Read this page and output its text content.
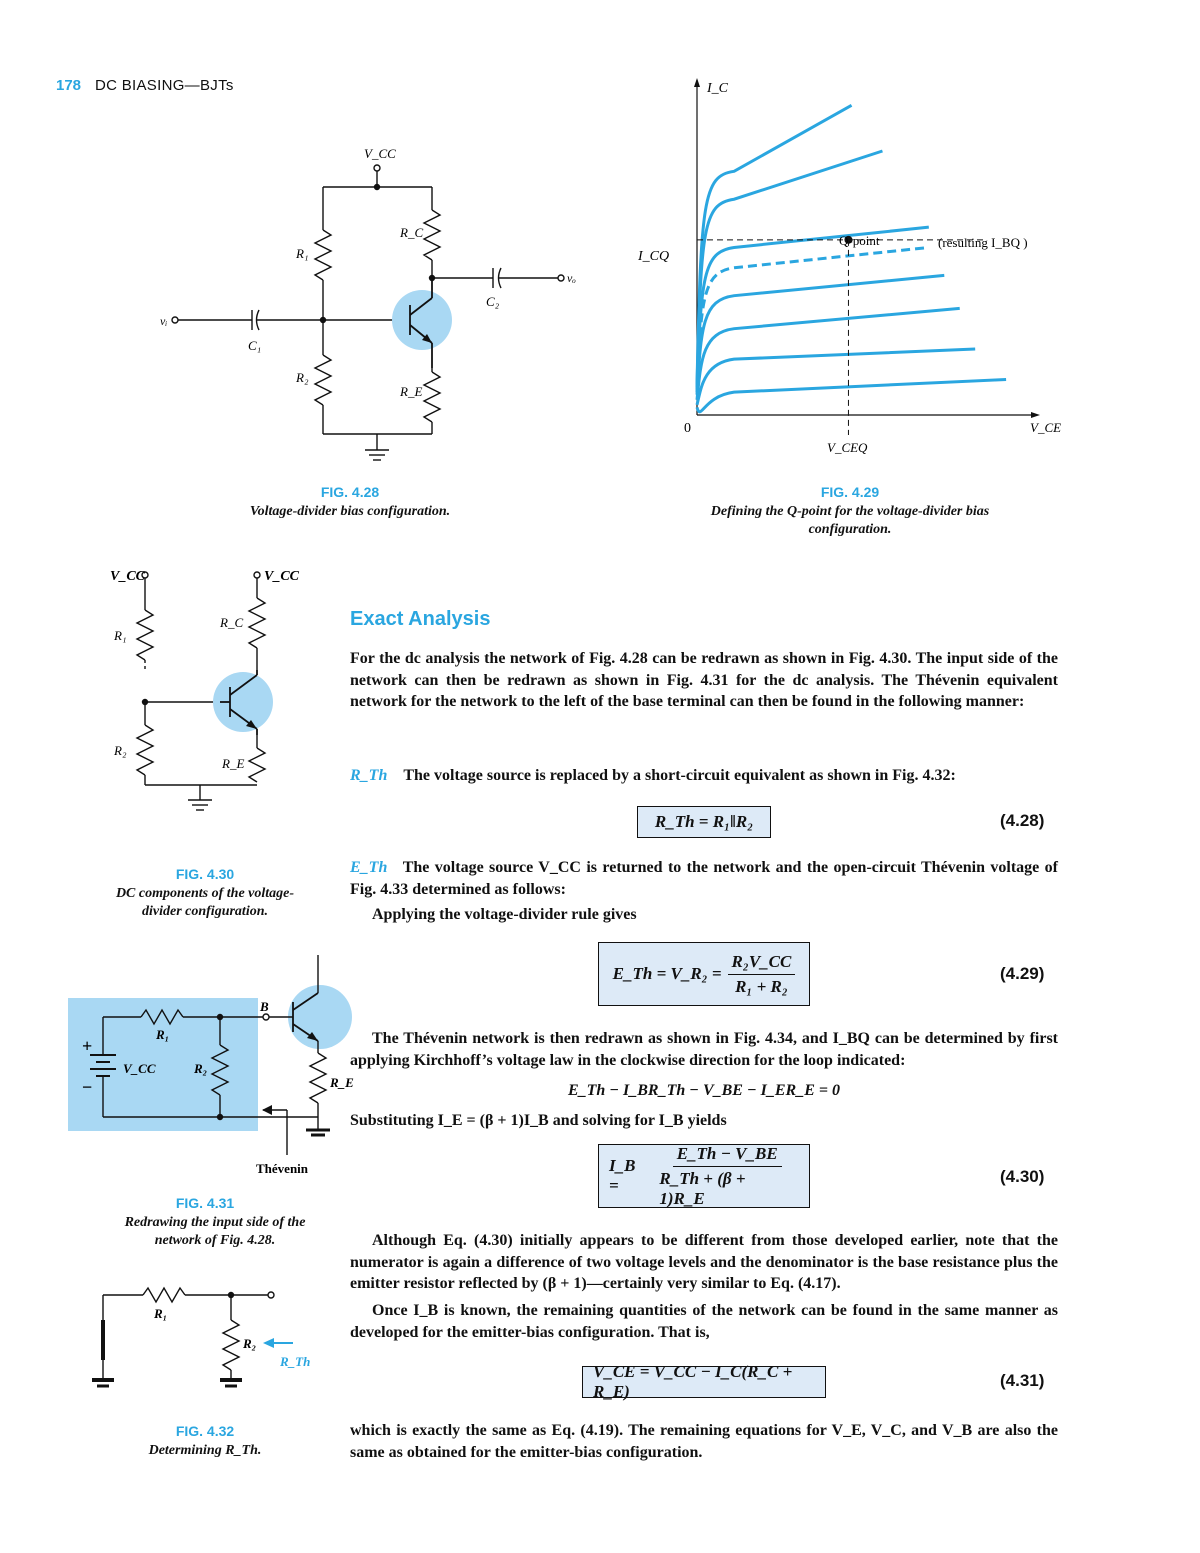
178 DC BIASING—BJTs
V_CC
R₁
R₂
R_C
R_E
C₁
C₂
vᵢ
vₒ
FIG. 4.28
Voltage-divider bias configuration.
I_C
I_CQ
V_CE
V_CEQ
0
Q-point	(resulting I_BQ )
FIG. 4.29
Defining the Q-point for the voltage-divider bias
configuration.
V_CC	V_CC
R₁
R₂
R_C
R_E
FIG. 4.30
DC components of the voltage-
divider configuration.
B
R₁
R₂
V_CC
R_E
+
−
Thévenin
FIG. 4.31
Redrawing the input side of the
network of Fig. 4.28.
R₁
R₂
R_Th
FIG. 4.32
Determining R_Th.
Exact Analysis
For the dc analysis the network of Fig. 4.28 can be redrawn as shown in Fig. 4.30. The input side of the network can then be redrawn as shown in Fig. 4.31 for the dc analysis. The Thévenin equivalent network for the network to the left of the base terminal can then be found in the following manner:
R_Th The voltage source is replaced by a short-circuit equivalent as shown in Fig. 4.32:
R_Th = R₁‖R₂	(4.28)
E_Th The voltage source V_CC is returned to the network and the open-circuit Thévenin voltage of Fig. 4.33 determined as follows:
Applying the voltage-divider rule gives
E_Th = V_R₂ = $\frac{\text{R₂V\_CC}}{\text{R₁ + R₂}}$	(4.29)
The Thévenin network is then redrawn as shown in Fig. 4.34, and I_BQ can be determined by first applying Kirchhoff’s voltage law in the clockwise direction for the loop indicated:
E_Th − I_BR_Th − V_BE − I_ER_E = 0
Substituting I_E = (β + 1)I_B and solving for I_B yields
I_B =	$\frac{E\_Th - V\_BE}{R\_Th + (\beta + 1)R\_E}$	(4.30)
Although Eq. (4.30) initially appears to be different from those developed earlier, note that the numerator is again a difference of two voltage levels and the denominator is the base resistance plus the emitter resistor reflected by (β + 1)—certainly very similar to Eq. (4.17).
Once I_B is known, the remaining quantities of the network can be found in the same manner as developed for the emitter-bias configuration. That is,
V_CE = V_CC − I_C(R_C + R_E)
(4.31)
which is exactly the same as Eq. (4.19). The remaining equations for V_E, V_C, and V_B are also the same as obtained for the emitter-bias configuration.
